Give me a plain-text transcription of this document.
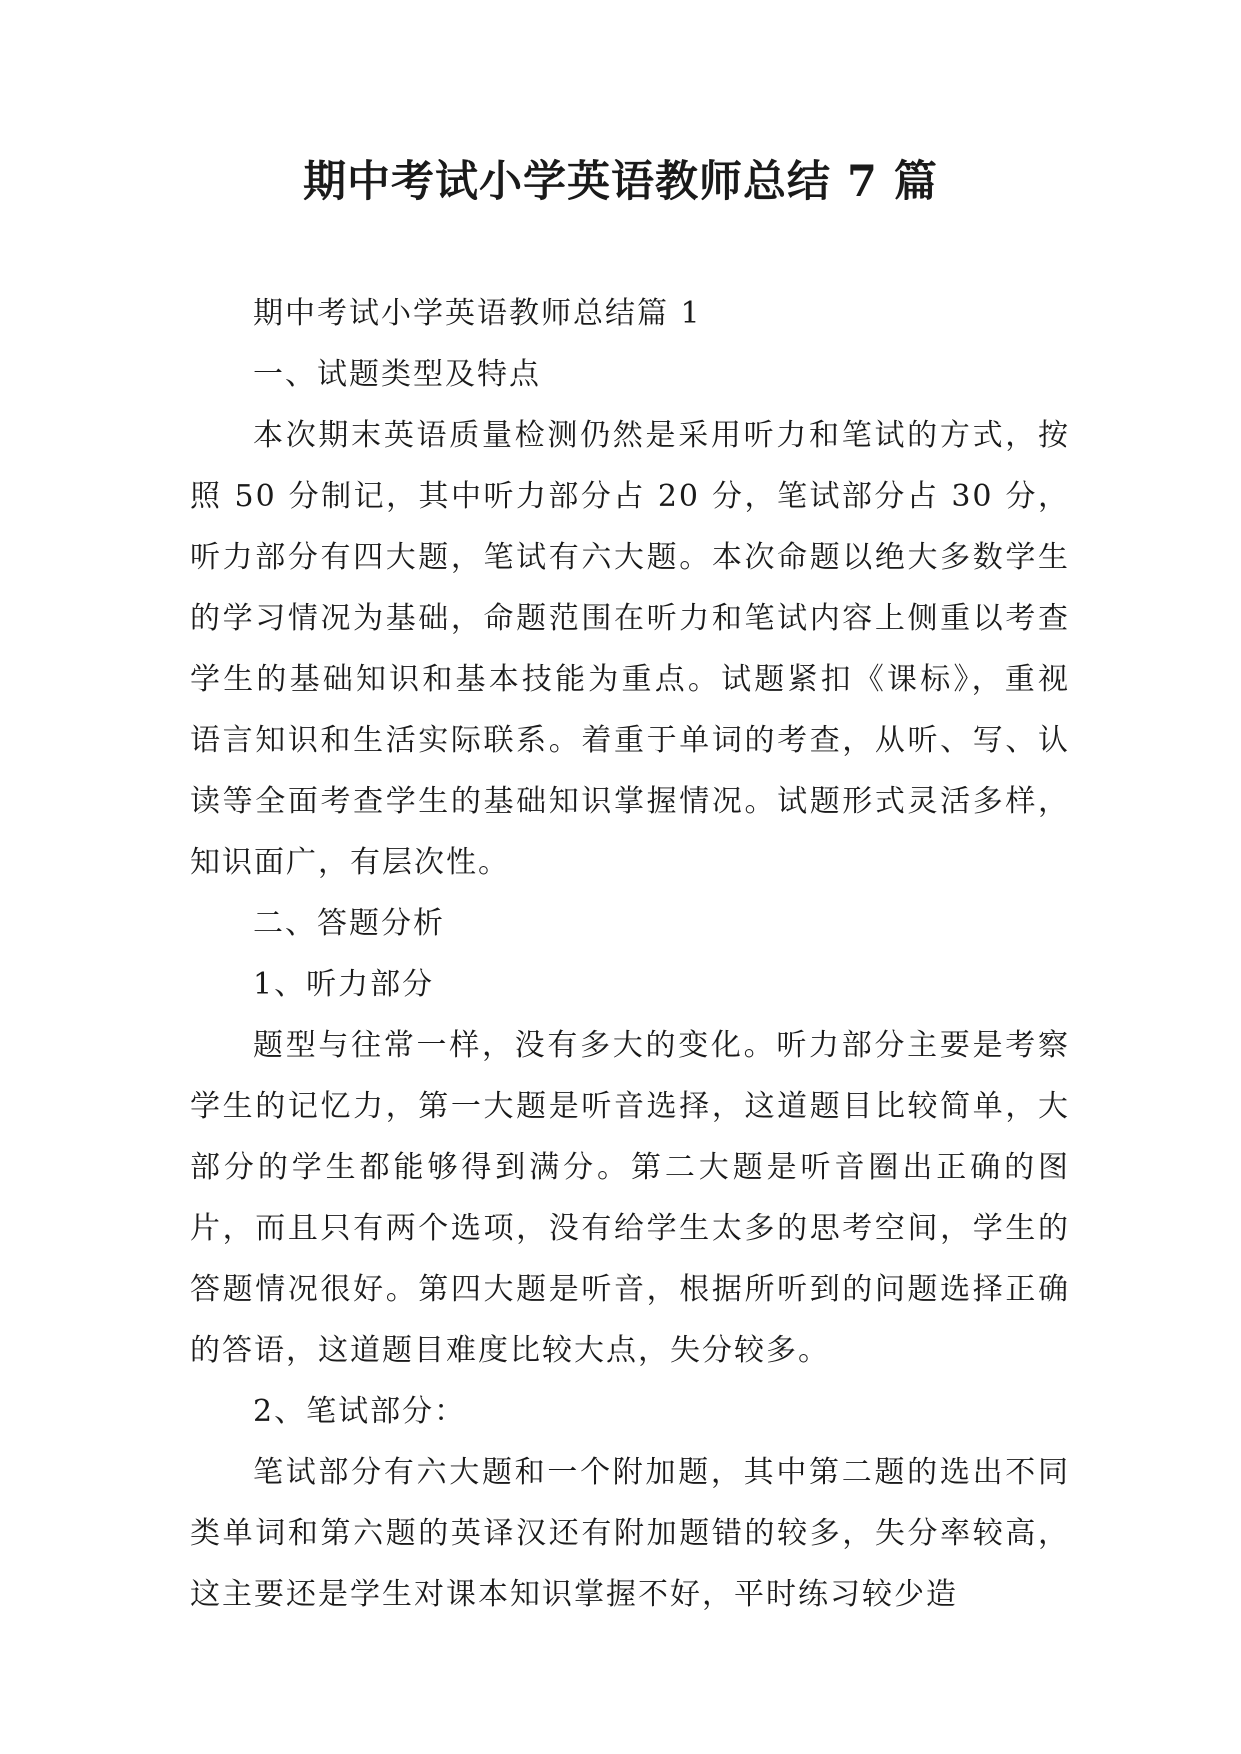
期中考试小学英语教师总结 7 篇

期中考试小学英语教师总结篇 1

一、试题类型及特点

本次期末英语质量检测仍然是采用听力和笔试的方式，按照 50 分制记，其中听力部分占 20 分，笔试部分占 30 分，听力部分有四大题，笔试有六大题。本次命题以绝大多数学生的学习情况为基础，命题范围在听力和笔试内容上侧重以考查学生的基础知识和基本技能为重点。试题紧扣《课标》，重视语言知识和生活实际联系。着重于单词的考查，从听、写、认读等全面考查学生的基础知识掌握情况。试题形式灵活多样，知识面广，有层次性。

二、答题分析

1、听力部分

题型与往常一样，没有多大的变化。听力部分主要是考察学生的记忆力，第一大题是听音选择，这道题目比较简单，大部分的学生都能够得到满分。第二大题是听音圈出正确的图片，而且只有两个选项，没有给学生太多的思考空间，学生的答题情况很好。第四大题是听音，根据所听到的问题选择正确的答语，这道题目难度比较大点，失分较多。

2、笔试部分：

笔试部分有六大题和一个附加题，其中第二题的选出不同类单词和第六题的英译汉还有附加题错的较多，失分率较高，这主要还是学生对课本知识掌握不好，平时练习较少造
